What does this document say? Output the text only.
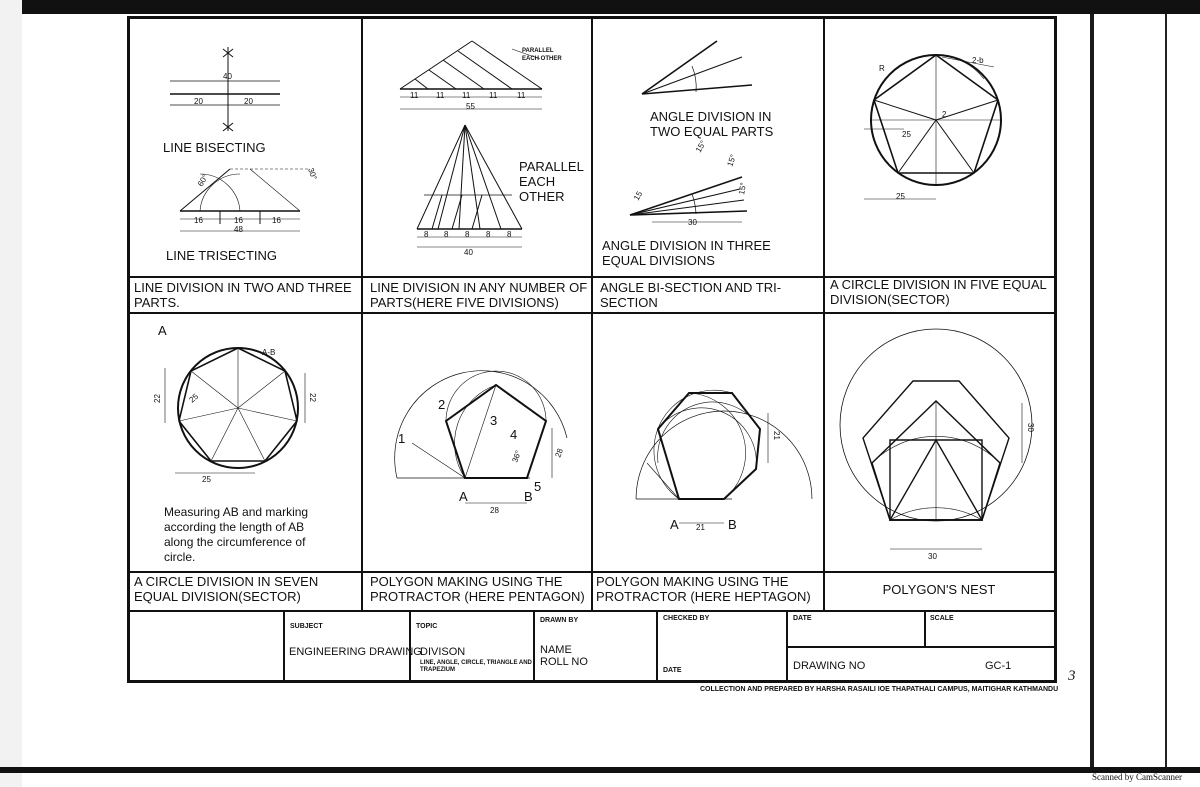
40
20	20
16	16	16
48
60°	30°
LINE BISECTING
LINE TRISECTING
LINE DIVISION IN TWO AND THREE PARTS.
11 11 11 11 11
55
8 8 8 8 8
40
PARALLEL EACH OTHER
PARALLEL EACH OTHER
LINE DIVISION IN ANY NUMBER OF PARTS(HERE FIVE DIVISIONS)
15°
15°
15°
15
30
ANGLE DIVISION IN TWO EQUAL PARTS
ANGLE DIVISION IN THREE EQUAL DIVISIONS
ANGLE BI-SECTION AND TRI-SECTION
R
2-b
25
25
2
A CIRCLE DIVISION IN FIVE EQUAL DIVISION(SECTOR)
A-B
22	22
25
25
A
Measuring AB and marking according the length of AB along the circumference of circle.
A CIRCLE DIVISION IN SEVEN EQUAL DIVISION(SECTOR)
28
28
36°
1
2
3
4
5
A	B
POLYGON MAKING USING THE PROTRACTOR (HERE PENTAGON)
21
21
A	B
POLYGON MAKING USING THE PROTRACTOR (HERE HEPTAGON)
30
30
POLYGON'S NEST
SUBJECT
ENGINEERING DRAWING
TOPIC
DIVISON
LINE, ANGLE, CIRCLE, TRIANGLE AND TRAPEZIUM
DRAWN BY
NAME
ROLL NO
CHECKED BY
DATE
DATE	SCALE
DRAWING NO	GC-1
COLLECTION AND PREPARED BY HARSHA RASAILI IOE THAPATHALI CAMPUS, MAITIGHAR KATHMANDU
3
Scanned by CamScanner
